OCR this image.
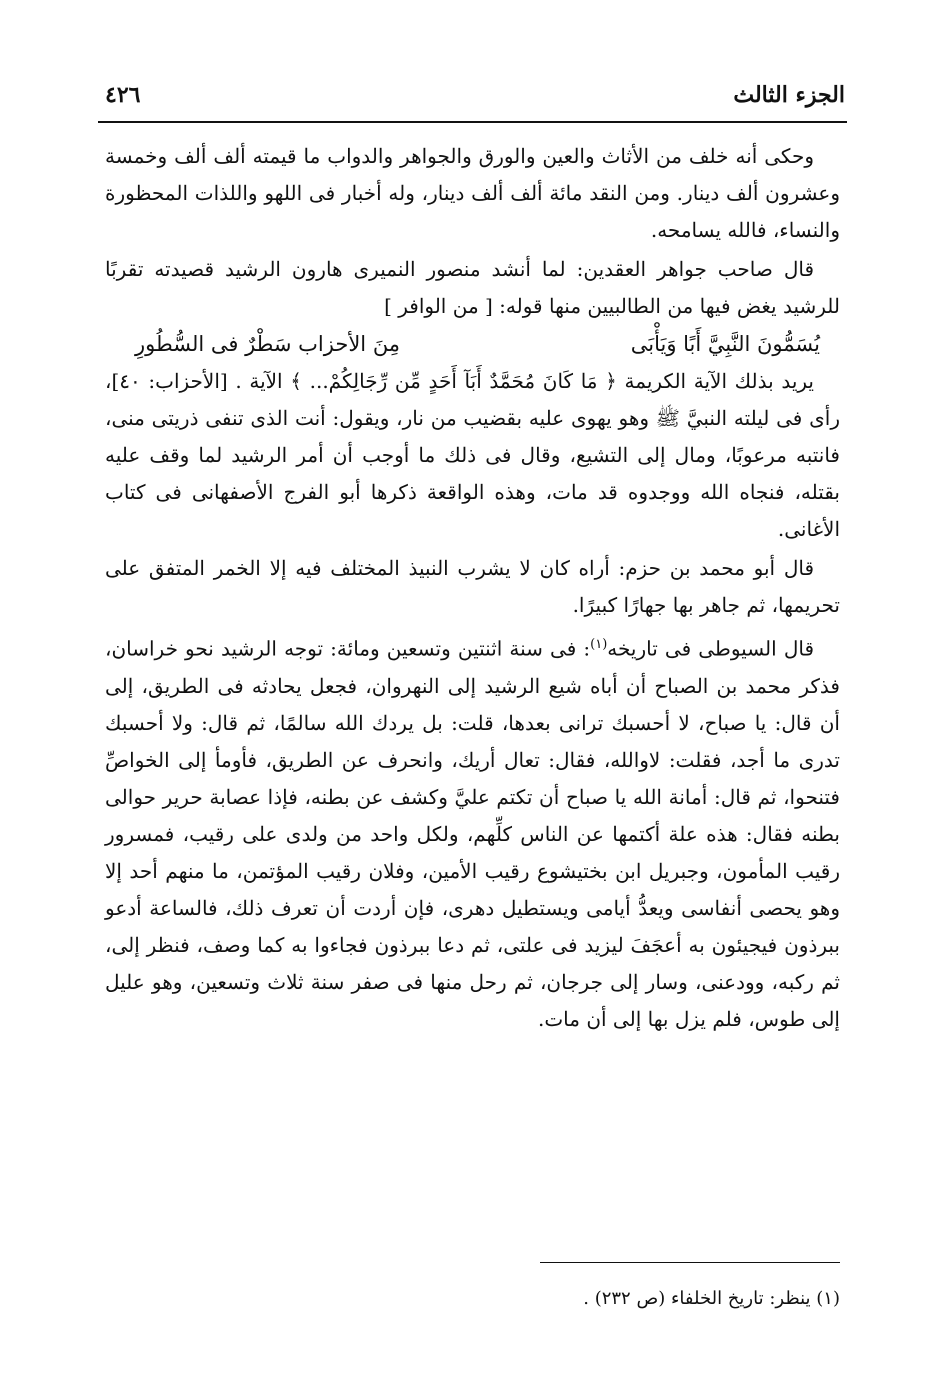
الجزء الثالث
٤٢٦

وحكى أنه خلف من الأثاث والعين والورق والجواهر والدواب ما قيمته ألف ألف وخمسة وعشرون ألف دينار. ومن النقد مائة ألف ألف دينار، وله أخبار فى اللهو واللذات المحظورة والنساء، فالله يسامحه.

قال صاحب جواهر العقدين: لما أنشد منصور النميرى هارون الرشيد قصيدته تقربًا للرشيد يغض فيها من الطالبيين منها قوله: [ من الوافر ]

يُسَمُّونَ النَّبِيَّ أَبًا وَيَأْبَى
مِنَ الأحزاب سَطْرٌ فى السُّطُورِ

يريد بذلك الآية الكريمة ﴿ مَا كَانَ مُحَمَّدٌ أَبَآ أَحَدٍ مِّن رِّجَالِكُمْ... ﴾ الآية . [الأحزاب: ٤٠]، رأى فى ليلته النبيَّ ﷺ وهو يهوى عليه بقضيب من نار، ويقول: أنت الذى تنفى ذريتى منى، فانتبه مرعوبًا، ومال إلى التشيع، وقال فى ذلك ما أوجب أن أمر الرشيد لما وقف عليه بقتله، فنجاه الله ووجدوه قد مات، وهذه الواقعة ذكرها أبو الفرج الأصفهانى فى كتاب الأغانى.

قال أبو محمد بن حزم: أراه كان لا يشرب النبيذ المختلف فيه إلا الخمر المتفق على تحريمها، ثم جاهر بها جهارًا كبيرًا.

قال السيوطى فى تاريخه$^{(١)}$: فى سنة اثنتين وتسعين ومائة: توجه الرشيد نحو خراسان، فذكر محمد بن الصباح أن أباه شيع الرشيد إلى النهروان، فجعل يحادثه فى الطريق، إلى أن قال: يا صباح، لا أحسبك ترانى بعدها، قلت: بل يردك الله سالمًا، ثم قال: ولا أحسبك تدرى ما أجد، فقلت: لاوالله، فقال: تعال أريك، وانحرف عن الطريق، فأومأ إلى الخواصِّ فتنحوا، ثم قال: أمانة الله يا صباح أن تكتم عليَّ وكشف عن بطنه، فإذا عصابة حرير حوالى بطنه فقال: هذه علة أكتمها عن الناس كلِّهم، ولكل واحد من ولدى على رقيب، فمسرور رقيب المأمون، وجبريل ابن بختيشوع رقيب الأمين، وفلان رقيب المؤتمن، ما منهم أحد إلا وهو يحصى أنفاسى ويعدُّ أيامى ويستطيل دهرى، فإن أردت أن تعرف ذلك، فالساعة أدعو ببرذون فيجيئون به أعجَفَ ليزيد فى علتى، ثم دعا ببرذون فجاءوا به كما وصف، فنظر إلى، ثم ركبه، وودعنى، وسار إلى جرجان، ثم رحل منها فى صفر سنة ثلاث وتسعين، وهو عليل إلى طوس، فلم يزل بها إلى أن مات.

(١) ينظر: تاريخ الخلفاء (ص ٢٣٢) .
